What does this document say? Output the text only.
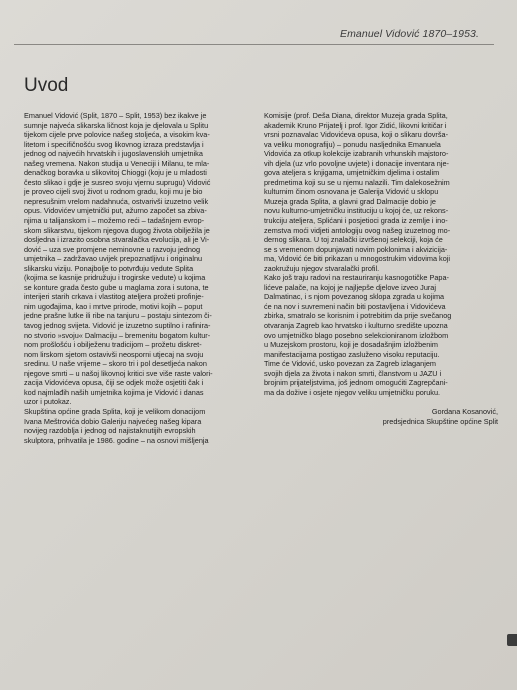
Emanuel Vidović 1870–1953.
Uvod
Emanuel Vidović (Split, 1870 – Split, 1953) bez ikakve je
sumnje najveća slikarska ličnost koja je djelovala u Splitu
tijekom cijele prve polovice našeg stoljeća, a visokim kva-
litetom i specifičnošću svog likovnog izraza predstavlja i
jednog od najvećih hrvatskih i jugoslavenskih umjetnika
našeg vremena. Nakon studija u Veneciji i Milanu, te mla-
denačkog boravka u slikovitoj Chioggi (koju je u mladosti
često slikao i gdje je susreo svoju vjernu suprugu) Vidović
je proveo cijeli svoj život u rodnom gradu, koji mu je bio
nepresušnim vrelom nadahnuća, ostvarivši izuzetno velik
opus. Vidovićev umjetnički put, ažurno započet sa zbiva-
njima u talijanskom i – možemo reći – tadašnjem evrop-
skom slikarstvu, tijekom njegova dugog života obilježila je
dosljedna i izrazito osobna stvaralačka evolucija, ali je Vi-
dović – uza sve promjene neminovne u razvoju jednog
umjetnika – zadržavao uvijek prepoznatljivu i originalnu
slikarsku viziju. Ponajbolje to potvrđuju vedute Splita
(kojima se kasnije pridružuju i trogirske vedute) u kojima
se konture grada često gube u maglama zora i sutona, te
interijeri starih crkava i vlastitog ateljera prožeti profinje-
nim ugođajima, kao i mrtve prirode, motivi kojih – poput
jedne prašne lutke ili ribe na tanjuru – postaju sintezom či-
tavog jednog svijeta. Vidović je izuzetno suptilno i rafinira-
no stvorio »svoju« Dalmaciju – bremenitu bogatom kultur-
nom prošlošću i obilježenu tradicijom – prožetu diskret-
nom lirskom sjetom ostavivši neosporni utjecaj na svoju
sredinu. U naše vrijeme – skoro tri i pol desetljeća nakon
njegove smrti – u našoj likovnoj kritici sve više raste valori-
zacija Vidovićeva opusa, čiji se odjek može osjetiti čak i
kod najmlađih naših umjetnika kojima je Vidović i danas
uzor i putokaz.
Skupština općine grada Splita, koji je velikom donacijom
Ivana Meštrovića dobio Galeriju najvećeg našeg kipara
novijeg razdoblja i jednog od najistaknutijih evropskih
skulptora, prihvatila je 1986. godine – na osnovi mišljenja
Komisije (prof. Deša Diana, direktor Muzeja grada Splita,
akademik Kruno Prijatelj i prof. Igor Zidić, likovni kritičar i
vrsni poznavalac Vidovićeva opusa, koji o slikaru dovrša-
va veliku monografiju) – ponudu nasljednika Emanuela
Vidovića za otkup kolekcije izabranih vrhunskih majstoro-
vih djela (uz vrlo povoljne uvjete) i donacije inventara nje-
gova ateljera s knjigama, umjetničkim djelima i ostalim
predmetima koji su se u njemu nalazili. Tim dalekosežnim
kulturnim činom osnovana je Galerija Vidović u sklopu
Muzeja grada Splita, a glavni grad Dalmacije dobio je
novu kulturno-umjetničku instituciju u kojoj će, uz rekons-
trukciju ateljera, Splićani i posjetioci grada iz zemlje i ino-
zemstva moći vidjeti antologiju ovog našeg izuzetnog mo-
dernog slikara. U toj znalački izvršenoj selekciji, koja će
se s vremenom dopunjavati novim poklonima i akvizicija-
ma, Vidović će biti prikazan u mnogostrukim vidovima koji
zaokružuju njegov stvaralački profil.
Kako još traju radovi na restauriranju kasnogotičke Papa-
lićeve palače, na kojoj je najljepše djelove izveo Juraj
Dalmatinac, i s njom povezanog sklopa zgrada u kojima
će na nov i suvremeni način biti postavljena i Vidovićeva
zbirka, smatralo se korisnim i potrebitim da prije svečanog
otvaranja Zagreb kao hrvatsko i kulturno središte upozna
ovo umjetničko blago posebno selekcioniranom izložbom
u Muzejskom prostoru, koji je dosadašnjim izložbenim
manifestacijama postigao zasluženo visoku reputaciju.
Time će Vidović, usko povezan za Zagreb izlaganjem
svojih djela za života i nakon smrti, članstvom u JAZU i
brojnim prijateljstvima, još jednom omogućiti Zagrepčani-
ma da dožive i osjete njegov veliku umjetničku poruku.
Gordana Kosanović,
predsjednica Skupštine općine Split
